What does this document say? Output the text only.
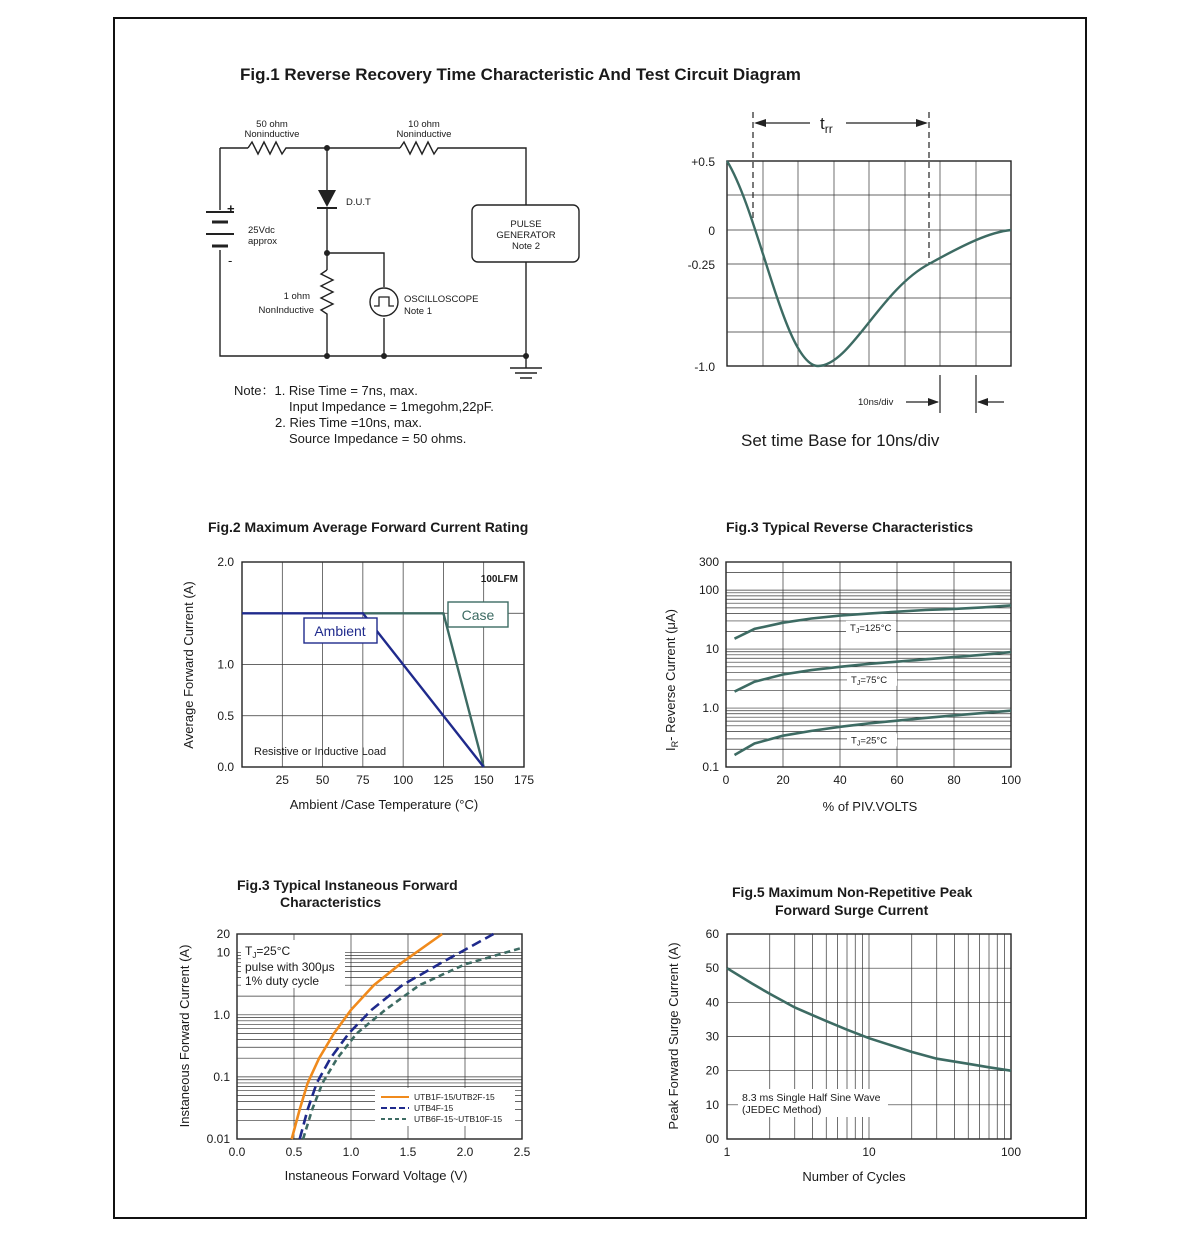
Fig.1 Reverse Recovery Time Characteristic And Test Circuit Diagram
PULSE
GENERATOR
Note 2
50 ohm
Noninductive
10 ohm
Noninductive
D.U.T
25Vdc
approx
+
-
1 ohm
NonInductive
OSCILLOSCOPE
Note 1
Note：1. Rise Time = 7ns, max.
Input Impedance = 1megohm,22pF.
2. Ries Time =10ns, max.
Source Impedance = 50 ohms.
$t_{rr}$
+0.5
0
-0.25
-1.0
10ns/div
Set time Base for 10ns/div
Fig.2 Maximum Average Forward Current Rating
25 50 75 100 125 150 175
2.0
1.0
0.5
0.0
100LFM
Case
Ambient
Resistive or Inductive Load
Ambient /Case Temperature (°C)
Average Forward Current (A)
Fig.3 Typical Reverse Characteristics
0	20	40	60	80	100
300
100
10
1.0
0.1
$T_J=125^\circ C$
$T_J=75^\circ C$
$T_J=25^\circ C$
% of PIV.VOLTS
$I_R-$ Reverse Current (μA)
Fig.3 Typical Instaneous Forward
Characteristics
0.0	0.5	1.0	1.5	2.0	2.5
20
10
1.0
0.1
0.01
$T_J=25^\circ C$
pulse with 300μs
1% duty cycle
UTB1F-15/UTB2F-15
UTB4F-15
UTB6F-15~UTB10F-15
Instaneous Forward Voltage (V)
Instaneous Forward Current (A)
Fig.5 Maximum Non-Repetitive Peak
Forward Surge Current
1	10	100
60
50
40
30
20
10
00
8.3 ms Single Half Sine Wave
(JEDEC Method)
Number of Cycles
Peak Forward Surge Current (A)
